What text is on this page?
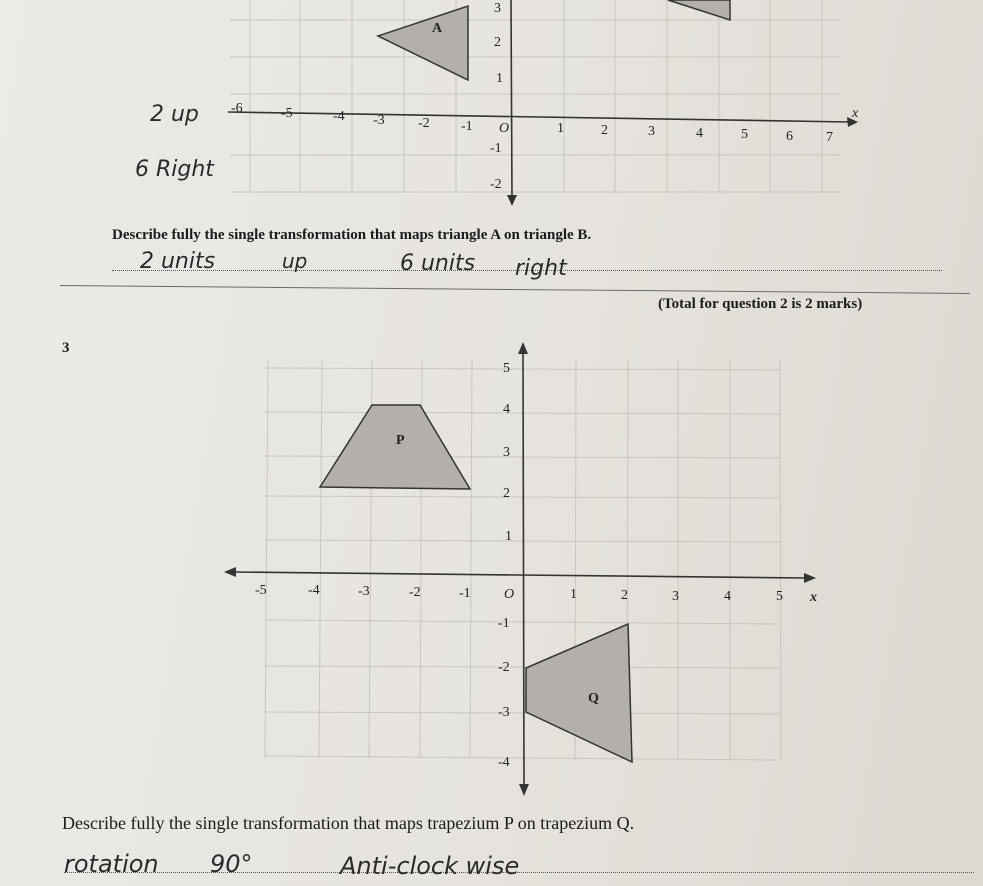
A
3
2
1
-1
-2
-6	-5	-4 -3 -2 -1 O	1	2	3	4	5	6 7
x
2 up
6 Right
Describe fully the single transformation that maps triangle A on triangle B.
2 units	up	6 units right
(Total for question 2 is 2 marks)
3
P
Q
5
4
3
2
1
-1
-2
-3
-4
-5	-4	-3	-2	-1 O	1	2	3	4	5 x
Describe fully the single transformation that maps trapezium P on trapezium Q.
rotation 90°	Anti-clock wise
